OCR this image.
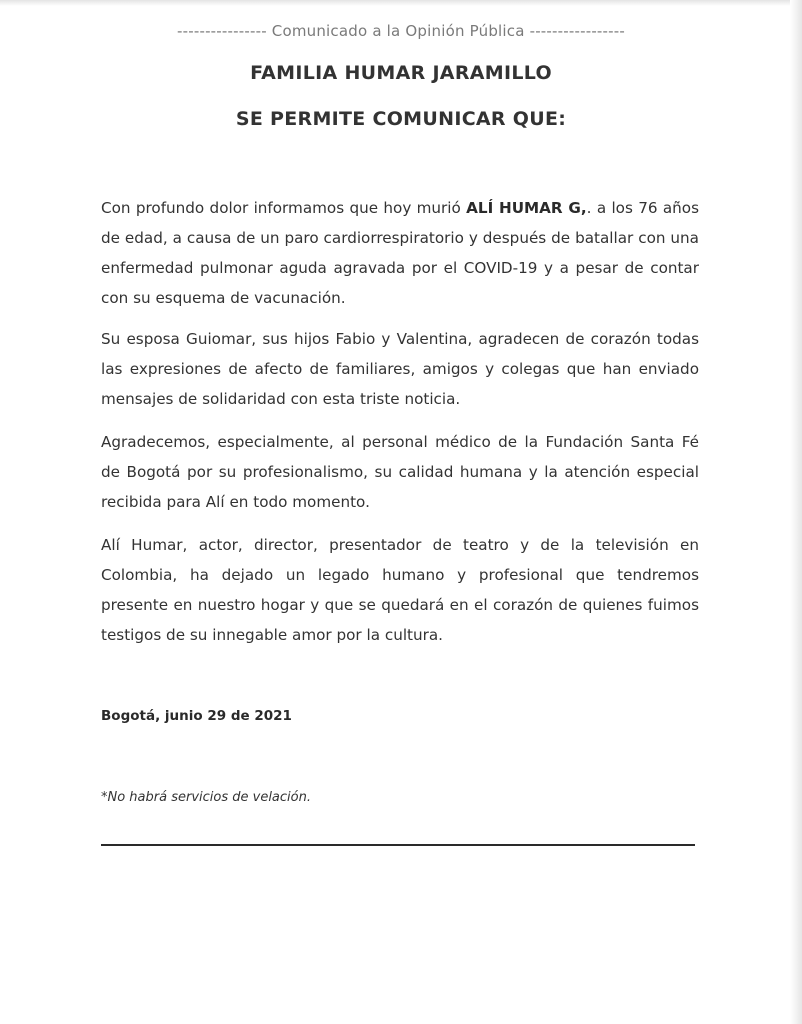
---------------- Comunicado a la Opinión Pública -----------------
FAMILIA HUMAR JARAMILLO
SE PERMITE COMUNICAR QUE:
Con profundo dolor informamos que hoy murió ALÍ HUMAR G,. a los 76 años de edad, a causa de un paro cardiorrespiratorio y después de batallar con una enfermedad pulmonar aguda agravada por el COVID-19 y a pesar de contar con su esquema de vacunación.
Su esposa Guiomar, sus hijos Fabio y Valentina, agradecen de corazón todas las expresiones de afecto de familiares, amigos y colegas que han enviado mensajes de solidaridad con esta triste noticia.
Agradecemos, especialmente, al personal médico de la Fundación Santa Fé de Bogotá por su profesionalismo, su calidad humana y la atención especial recibida para Alí en todo momento.
Alí Humar, actor, director, presentador de teatro y de la televisión en Colombia, ha dejado un legado humano y profesional que tendremos presente en nuestro hogar y que se quedará en el corazón de quienes fuimos testigos de su innegable amor por la cultura.
Bogotá, junio 29 de 2021
*No habrá servicios de velación.
